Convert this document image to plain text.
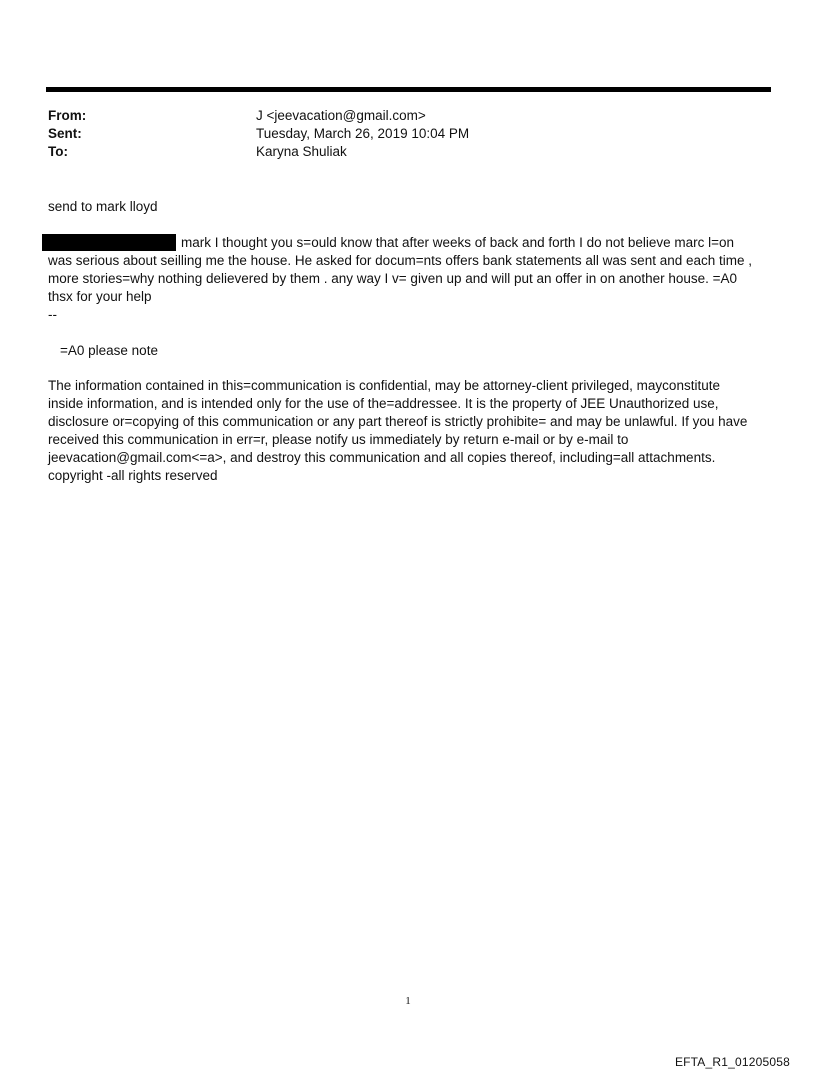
From:	J <jeevacation@gmail.com>
Sent:	Tuesday, March 26, 2019 10:04 PM
To:	Karyna Shuliak
send to mark lloyd
mark I thought you s=ould know that after weeks of back and forth I do not believe marc l=on
was serious about seilling me the house. He asked for docum=nts offers bank statements all was sent and each time ,
more stories=why nothing delievered by them . any way I v= given up and will put an offer in on another house. =A0
thsx for your help
--
=A0 please note
The information contained in this=communication is confidential, may be attorney-client privileged, mayconstitute
inside information, and is intended only for the use of the=addressee. It is the property of JEE Unauthorized use,
disclosure or=copying of this communication or any part thereof is strictly prohibite= and may be unlawful. If you have
received this communication in err=r, please notify us immediately by return e-mail or by e-mail to
jeevacation@gmail.com<=a>, and destroy this communication and all copies thereof, including=all attachments.
copyright -all rights reserved
1
EFTA_R1_01205058
